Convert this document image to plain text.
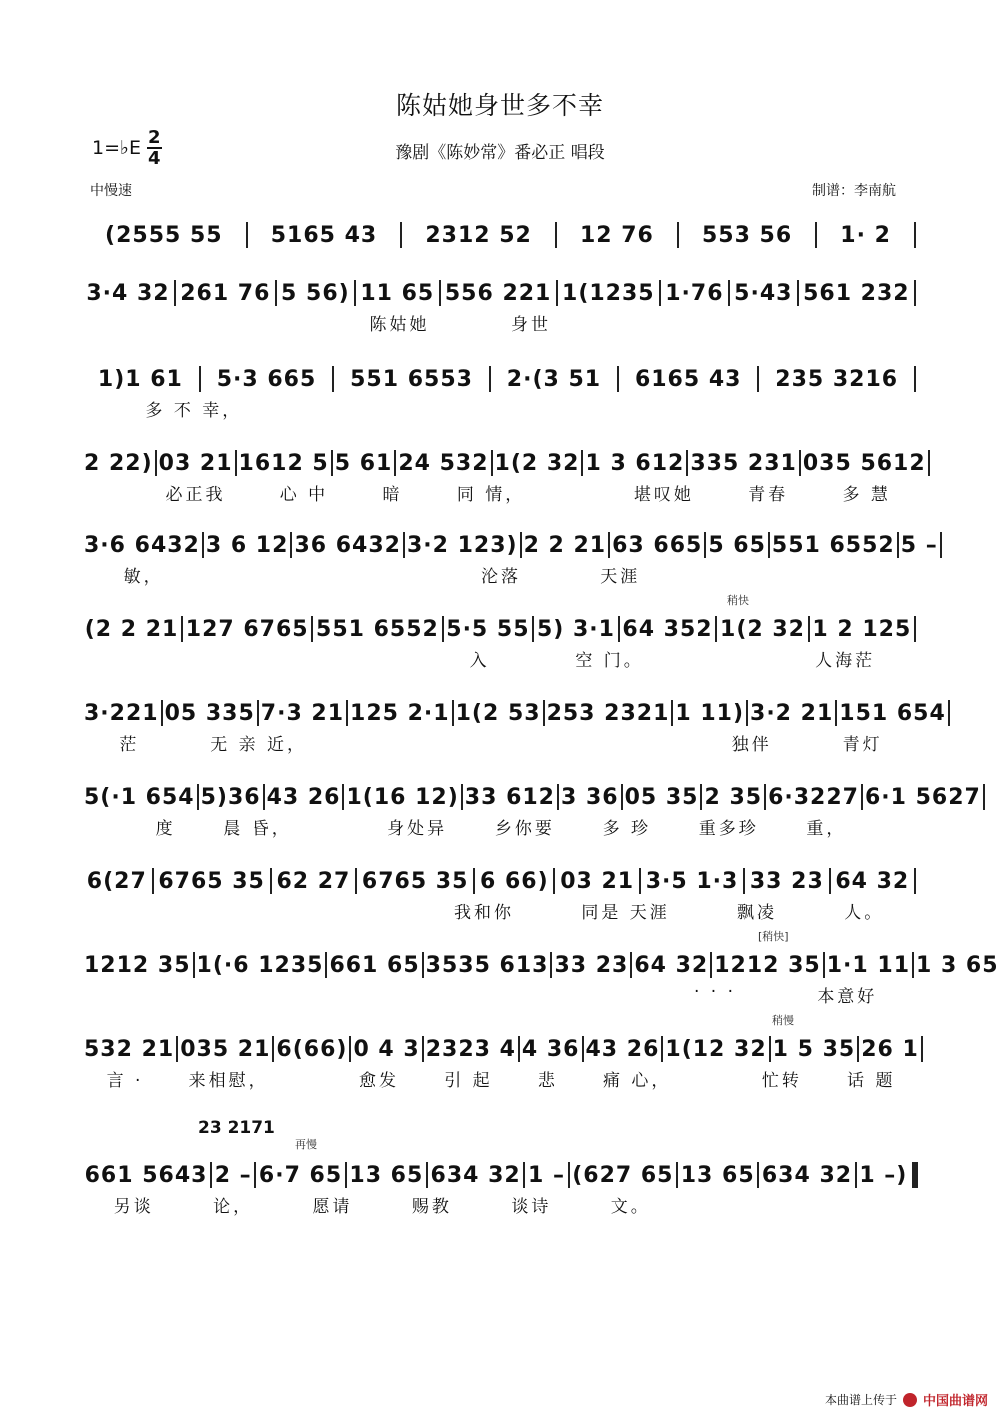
陈姑她身世多不幸
1=♭E $\frac{2}{4}$	豫剧《陈妙常》番必正 唱段
中慢速	制谱：李南航
稍快
[稍快]
稍慢
再慢
23 2171
(2555 55	5165 43	2312 52	12 76	553 56	1· 2
3·4 32 261 76 5 56) 11 65 556 221 1(1235 1·76 5·43 561 232
陈姑她	身世
1)1 61	5·3 665	551 6553	2·(3 51	6165 43	235 3216
多 不 幸，
2 22) 03 21 1612 5 5 61 24 532 1(2 32 1 3 612 335 231 035 5612
必正我	心 中	暗	同 情，	堪叹她	青春	多 慧
3·6 6432 3 6 12 36 6432 3·2 123) 2 2 21 63 665 5 65 551 6552 5 –
敏，	沦落	天涯
(2 2 21 127 6765 551 6552 5·5 55 5) 3·1 64 352 1(2 32 1 2 125
入	空 门。	人海茫
3·221 05 335 7·3 21 125 2·1 1(2 53 253 2321 1 11) 3·2 21 151 654
茫	无 亲 近，	独伴	青灯
5(·1 654 5)36 43 26 1(16 12) 33 612 3 36 05 35 2 35 6·3227 6·1 5627
度	晨 昏，	身处异	乡你要	多 珍	重多珍	重，
6(27 6765 35 62 27 6765 35 6 66) 03 21 3·5 1·3 33 23 64 32
我和你	同是 天涯	飘凌	人。
1212 35 1(·6 1235 661 65 3535 613 33 23 64 32 1212 35 1·1 11 1 3 65
· · ·	本意好
532 21 035 21 6(66) 0 4 3 2323 4 4 36 43 26 1(12 32 1 5 35 26 1
言 ·	来相慰，	愈发	引 起	悲	痛 心，	忙转	话 题
661 5643 2 – 6·7 65 13 65 634 32 1 – (627 65 13 65 634 32 1 –)
另谈	论，	愿请	赐教	谈诗	文。
本曲谱上传于 中国曲谱网
